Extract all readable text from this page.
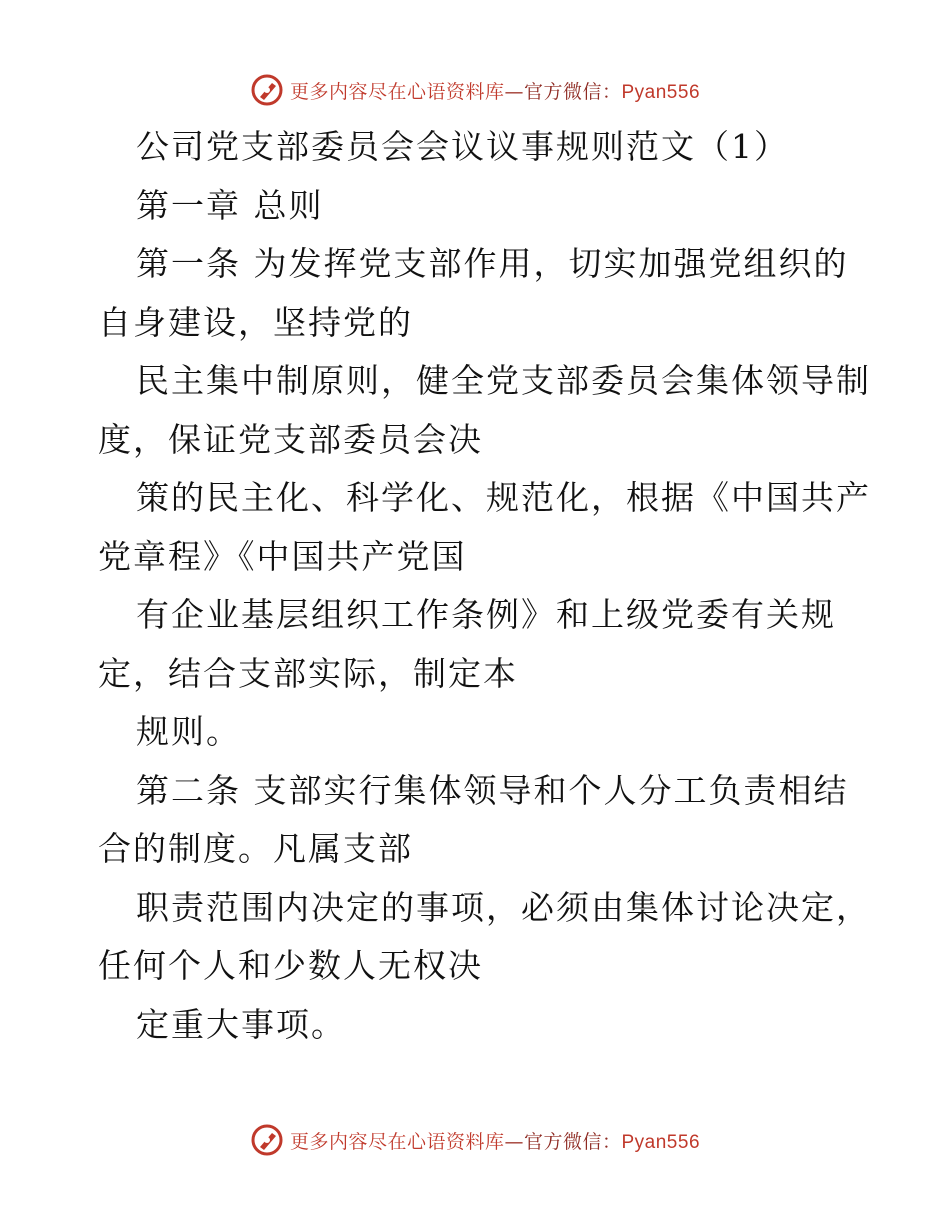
更多内容尽在心语资料库—官方微信：Pyan556
公司党支部委员会会议议事规则范文（1）
第一章 总则
第一条 为发挥党支部作用，切实加强党组织的
自身建设，坚持党的
民主集中制原则，健全党支部委员会集体领导制
度，保证党支部委员会决
策的民主化、科学化、规范化，根据《中国共产
党章程》《中国共产党国
有企业基层组织工作条例》和上级党委有关规
定，结合支部实际，制定本
规则。
第二条 支部实行集体领导和个人分工负责相结
合的制度。凡属支部
职责范围内决定的事项，必须由集体讨论决定，
任何个人和少数人无权决
定重大事项。
更多内容尽在心语资料库—官方微信：Pyan556
